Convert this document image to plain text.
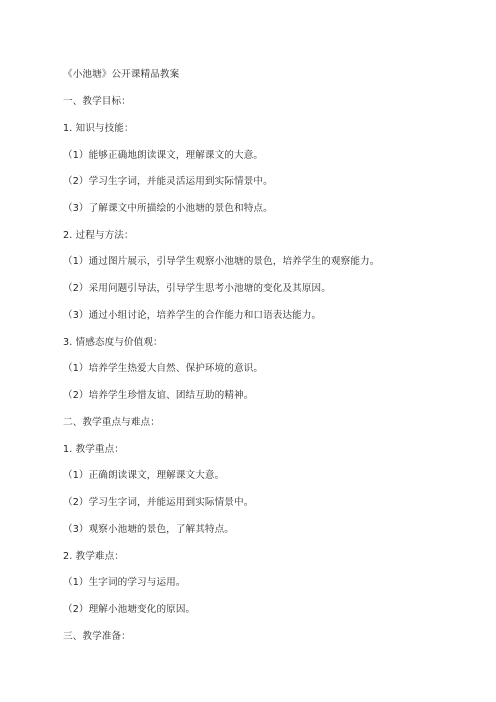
《小池塘》公开课精品教案
一、教学目标：
1. 知识与技能：
（1）能够正确地朗读课文，理解课文的大意。
（2）学习生字词，并能灵活运用到实际情景中。
（3）了解课文中所描绘的小池塘的景色和特点。
2. 过程与方法：
（1）通过图片展示，引导学生观察小池塘的景色，培养学生的观察能力。
（2）采用问题引导法，引导学生思考小池塘的变化及其原因。
（3）通过小组讨论，培养学生的合作能力和口语表达能力。
3. 情感态度与价值观：
（1）培养学生热爱大自然、保护环境的意识。
（2）培养学生珍惜友谊、团结互助的精神。
二、教学重点与难点：
1. 教学重点：
（1）正确朗读课文，理解课文大意。
（2）学习生字词，并能运用到实际情景中。
（3）观察小池塘的景色，了解其特点。
2. 教学难点：
（1）生字词的学习与运用。
（2）理解小池塘变化的原因。
三、教学准备：
